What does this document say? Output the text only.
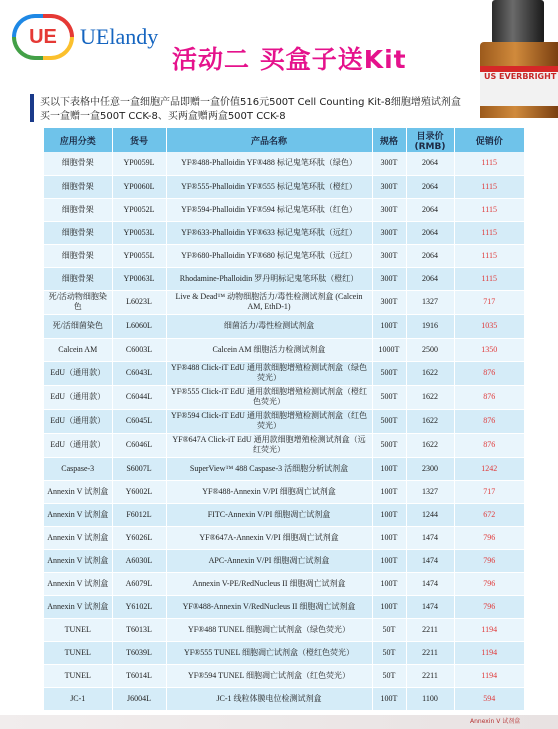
UE	UElandy
活动二 买盒子送Kit
US EVERBRIGHT
买以下表格中任意一盒细胞产品即赠一盒价值516元500T Cell Counting Kit-8细胞增殖试剂盒
买一盒赠一盒500T CCK-8、买两盒赠两盒500T CCK-8
应用分类	货号	产品名称	规格	目录价(RMB)	促销价
细胞骨架	YP0059L	YF®488-Phalloidin YF®488 标记鬼笔环肽（绿色）	300T	2064	1115
细胞骨架	YP0060L	YF®555-Phalloidin YF®555 标记鬼笔环肽（橙红）	300T	2064	1115
细胞骨架	YP0052L	YF®594-Phalloidin YF®594 标记鬼笔环肽（红色）	300T	2064	1115
细胞骨架	YP0053L	YF®633-Phalloidin YF®633 标记鬼笔环肽（远红）	300T	2064	1115
细胞骨架	YP0055L	YF®680-Phalloidin YF®680 标记鬼笔环肽（远红）	300T	2064	1115
细胞骨架	YP0063L	Rhodamine-Phalloidin 罗丹明标记鬼笔环肽（橙红）	300T	2064	1115
死/活动物细胞染色	L6023L	Live & Dead™ 动物细胞活力/毒性检测试剂盒 (Calcein AM, EthD-1)	300T	1327	717
死/活细菌染色	L6060L	细菌活力/毒性检测试剂盒	100T	1916	1035
Calcein AM	C6003L	Calcein AM 细胞活力检测试剂盒	1000T	2500	1350
EdU（通用款）	C6043L	YF®488 Click-iT EdU 通用款细胞增殖检测试剂盒（绿色荧光）	500T	1622	876
EdU（通用款）	C6044L	YF®555 Click-iT EdU 通用款细胞增殖检测试剂盒（橙红色荧光）	500T	1622	876
EdU（通用款）	C6045L	YF®594 Click-iT EdU 通用款细胞增殖检测试剂盒（红色荧光）	500T	1622	876
EdU（通用款）	C6046L	YF®647A Click-iT EdU 通用款细胞增殖检测试剂盒（远红荧光）	500T	1622	876
Caspase-3	S6007L	SuperView™ 488 Caspase-3 活细胞分析试剂盒	100T	2300	1242
Annexin V 试剂盒	Y6002L	YF®488-Annexin V/PI 细胞凋亡试剂盒	100T	1327	717
Annexin V 试剂盒	F6012L	FITC-Annexin V/PI 细胞凋亡试剂盒	100T	1244	672
Annexin V 试剂盒	Y6026L	YF®647A-Annexin V/PI 细胞凋亡试剂盒	100T	1474	796
Annexin V 试剂盒	A6030L	APC-Annexin V/PI 细胞凋亡试剂盒	100T	1474	796
Annexin V 试剂盒	A6079L	Annexin V-PE/RedNucleus II 细胞凋亡试剂盒	100T	1474	796
Annexin V 试剂盒	Y6102L	YF®488-Annexin V/RedNucleus II 细胞凋亡试剂盒	100T	1474	796
TUNEL	T6013L	YF®488 TUNEL 细胞凋亡试剂盒（绿色荧光）	50T	2211	1194
TUNEL	T6039L	YF®555 TUNEL 细胞凋亡试剂盒（橙红色荧光）	50T	2211	1194
TUNEL	T6014L	YF®594 TUNEL 细胞凋亡试剂盒（红色荧光）	50T	2211	1194
JC-1	J6004L	JC-1 线粒体膜电位检测试剂盒	100T	1100	594
Annexin V 试剂盒
